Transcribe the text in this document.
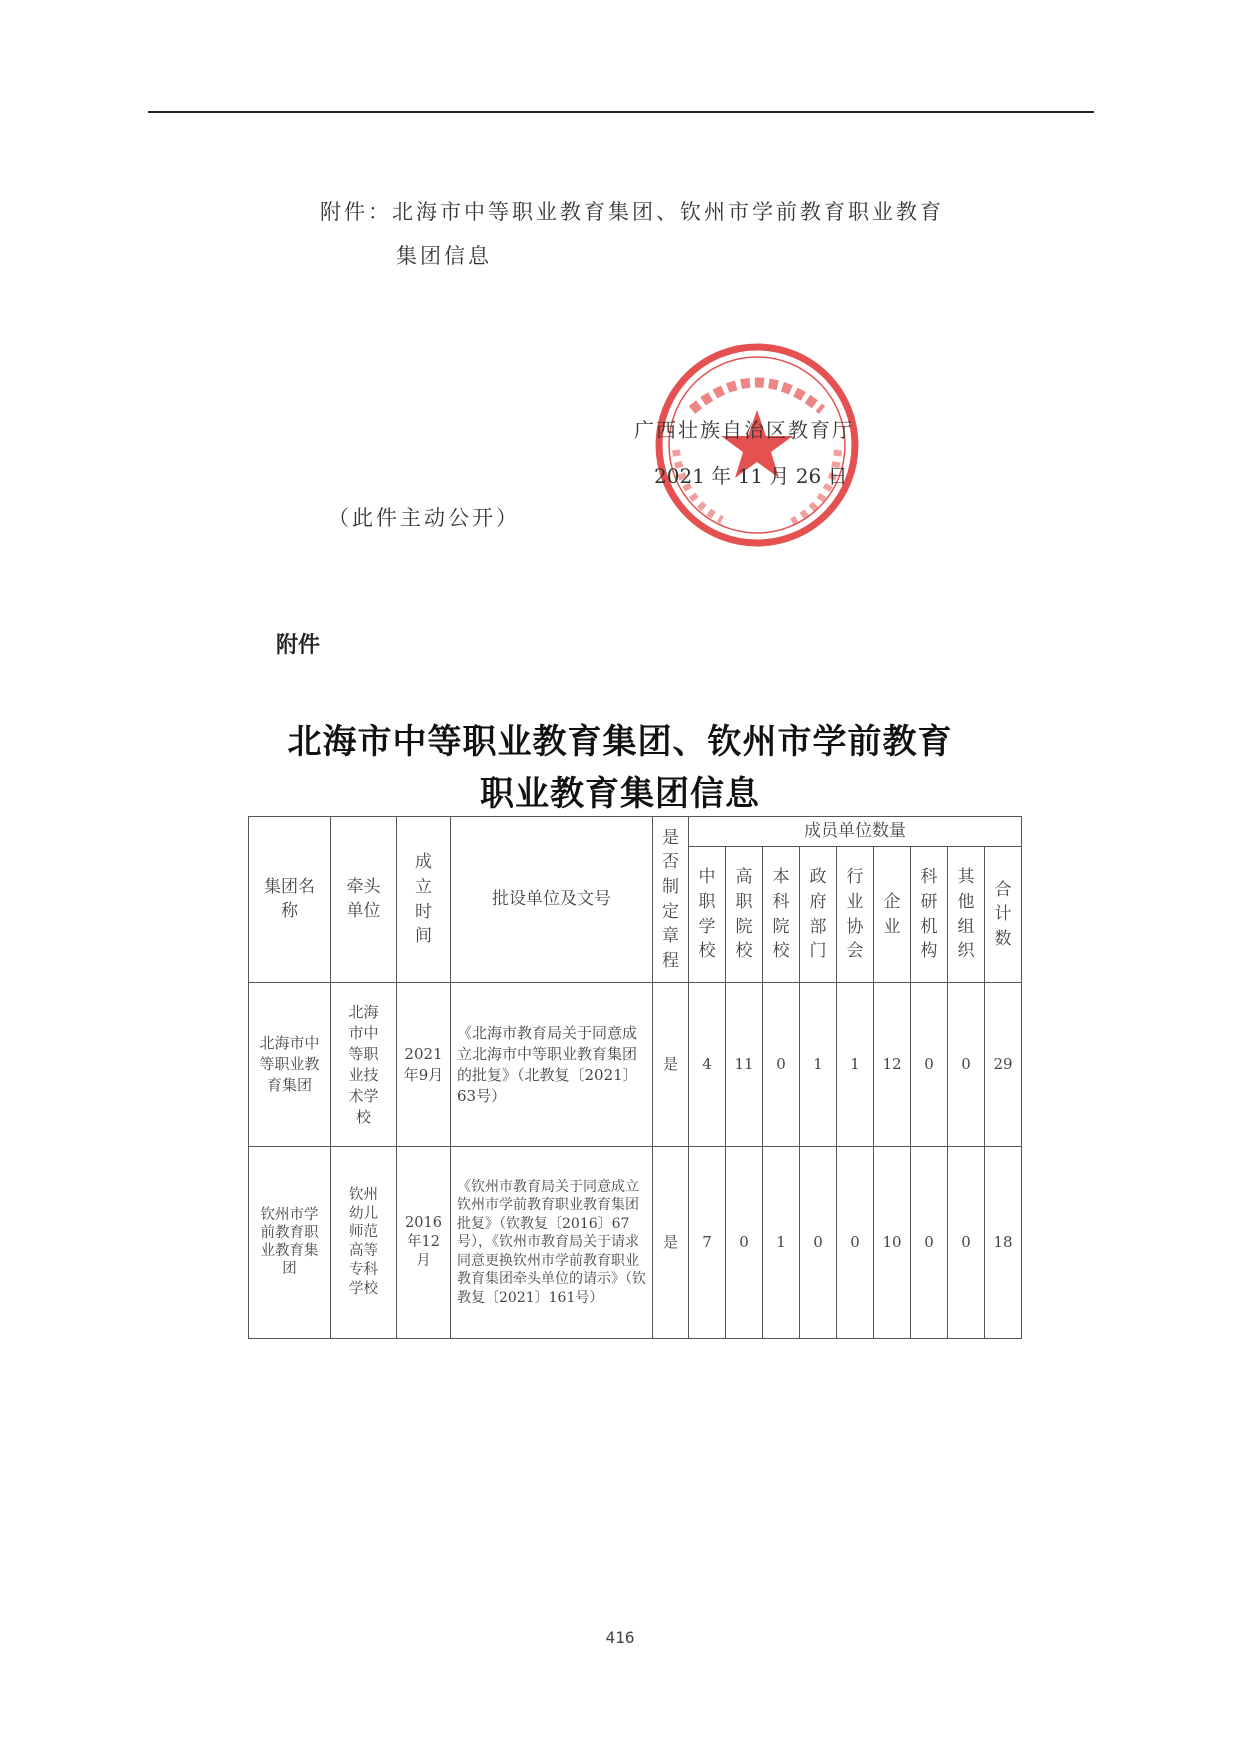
附件：北海市中等职业教育集团、钦州市学前教育职业教育
集团信息
广西壮族自治区教育厅
2021 年 11 月 26 日
（此件主动公开）
附件
北海市中等职业教育集团、钦州市学前教育
职业教育集团信息
集团名称	牵头单位	成立时间	批设单位及文号	是否制定章程	成员单位数量								
					中职学校	高职院校	本科院校	政府部门	行业协会	企业	科研机构	其他组织	合计数
北海市中等职业教育集团	北海市中等职业技术学校	2021年9月	《北海市教育局关于同意成立北海市中等职业教育集团的批复》（北教复〔2021〕63号）	是	4	11	0	1	1	12	0	0	29
钦州市学前教育职业教育集团	钦州幼儿师范高等专科学校	2016年12月	《钦州市教育局关于同意成立钦州市学前教育职业教育集团批复》（钦教复〔2016〕67号），《钦州市教育局关于请求同意更换钦州市学前教育职业教育集团牵头单位的请示》（钦教复〔2021〕161号）	是	7	0	1	0	0	10	0	0	18
416
